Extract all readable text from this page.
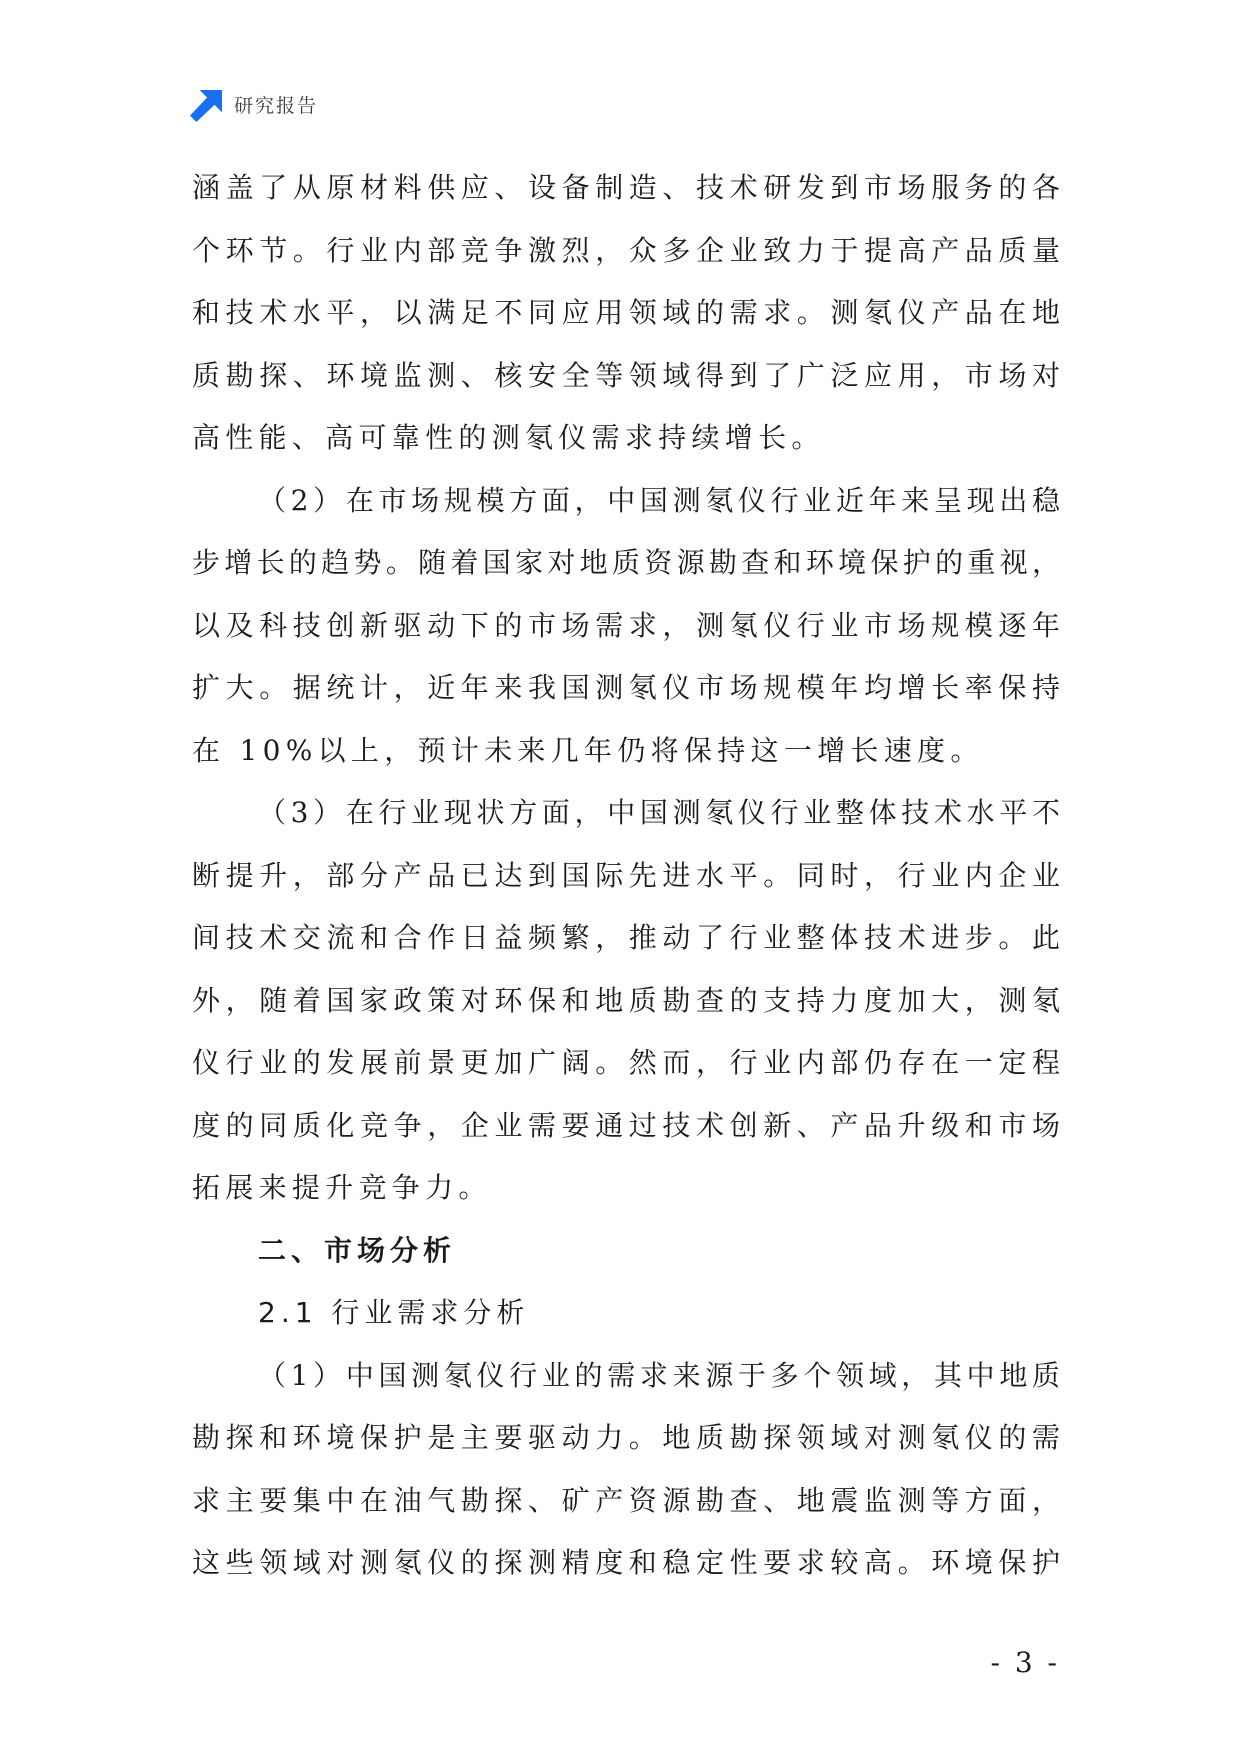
研究报告
涵盖了从原材料供应、设备制造、技术研发到市场服务的各
个环节。行业内部竞争激烈，众多企业致力于提高产品质量
和技术水平，以满足不同应用领域的需求。测氡仪产品在地
质勘探、环境监测、核安全等领域得到了广泛应用，市场对
高性能、高可靠性的测氡仪需求持续增长。
（2）在市场规模方面，中国测氡仪行业近年来呈现出稳
步增长的趋势。随着国家对地质资源勘查和环境保护的重视，
以及科技创新驱动下的市场需求，测氡仪行业市场规模逐年
扩大。据统计，近年来我国测氡仪市场规模年均增长率保持
在 10%以上，预计未来几年仍将保持这一增长速度。
（3）在行业现状方面，中国测氡仪行业整体技术水平不
断提升，部分产品已达到国际先进水平。同时，行业内企业
间技术交流和合作日益频繁，推动了行业整体技术进步。此
外，随着国家政策对环保和地质勘查的支持力度加大，测氡
仪行业的发展前景更加广阔。然而，行业内部仍存在一定程
度的同质化竞争，企业需要通过技术创新、产品升级和市场
拓展来提升竞争力。
二、市场分析
2.1 行业需求分析
（1）中国测氡仪行业的需求来源于多个领域，其中地质
勘探和环境保护是主要驱动力。地质勘探领域对测氡仪的需
求主要集中在油气勘探、矿产资源勘查、地震监测等方面，
这些领域对测氡仪的探测精度和稳定性要求较高。环境保护
- 3 -
